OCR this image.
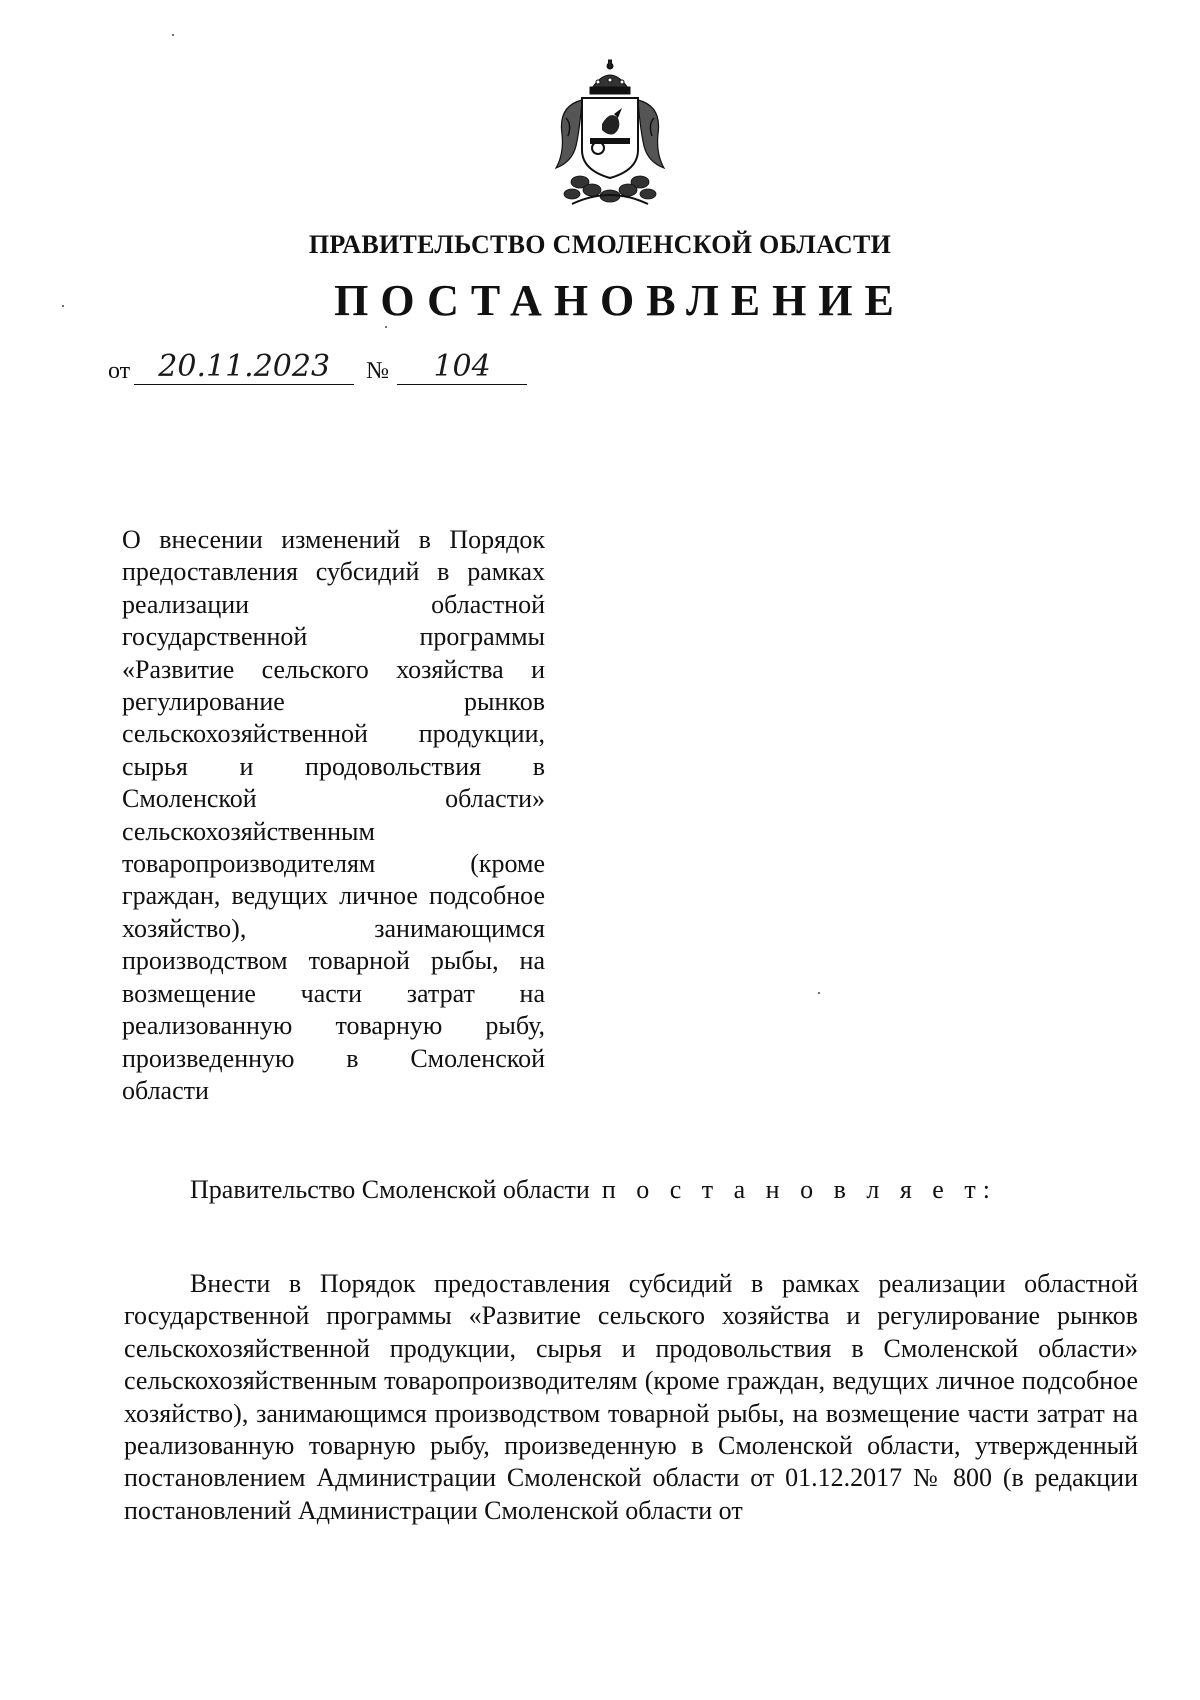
ПРАВИТЕЛЬСТВО СМОЛЕНСКОЙ ОБЛАСТИ
ПОСТАНОВЛЕНИЕ
от 20.11.2023 № 104
О внесении изменений в Порядок предоставления субсидий в рамках реализации областной государственной программы «Развитие сельского хозяйства и регулирование рынков сельскохозяйственной продукции, сырья и продовольствия в Смоленской области» сельскохозяйственным товаропроизводителям (кроме граждан, ведущих личное подсобное хозяйство), занимающимся производством товарной рыбы, на возмещение части затрат на реализованную товарную рыбу, произведенную в Смоленской области
Правительство Смоленской области п о с т а н о в л я е т:
Внести в Порядок предоставления субсидий в рамках реализации областной государственной программы «Развитие сельского хозяйства и регулирование рынков сельскохозяйственной продукции, сырья и продовольствия в Смоленской области» сельскохозяйственным товаропроизводителям (кроме граждан, ведущих личное подсобное хозяйство), занимающимся производством товарной рыбы, на возмещение части затрат на реализованную товарную рыбу, произведенную в Смоленской области, утвержденный постановлением Администрации Смоленской области от 01.12.2017 № 800 (в редакции постановлений Администрации Смоленской области от
